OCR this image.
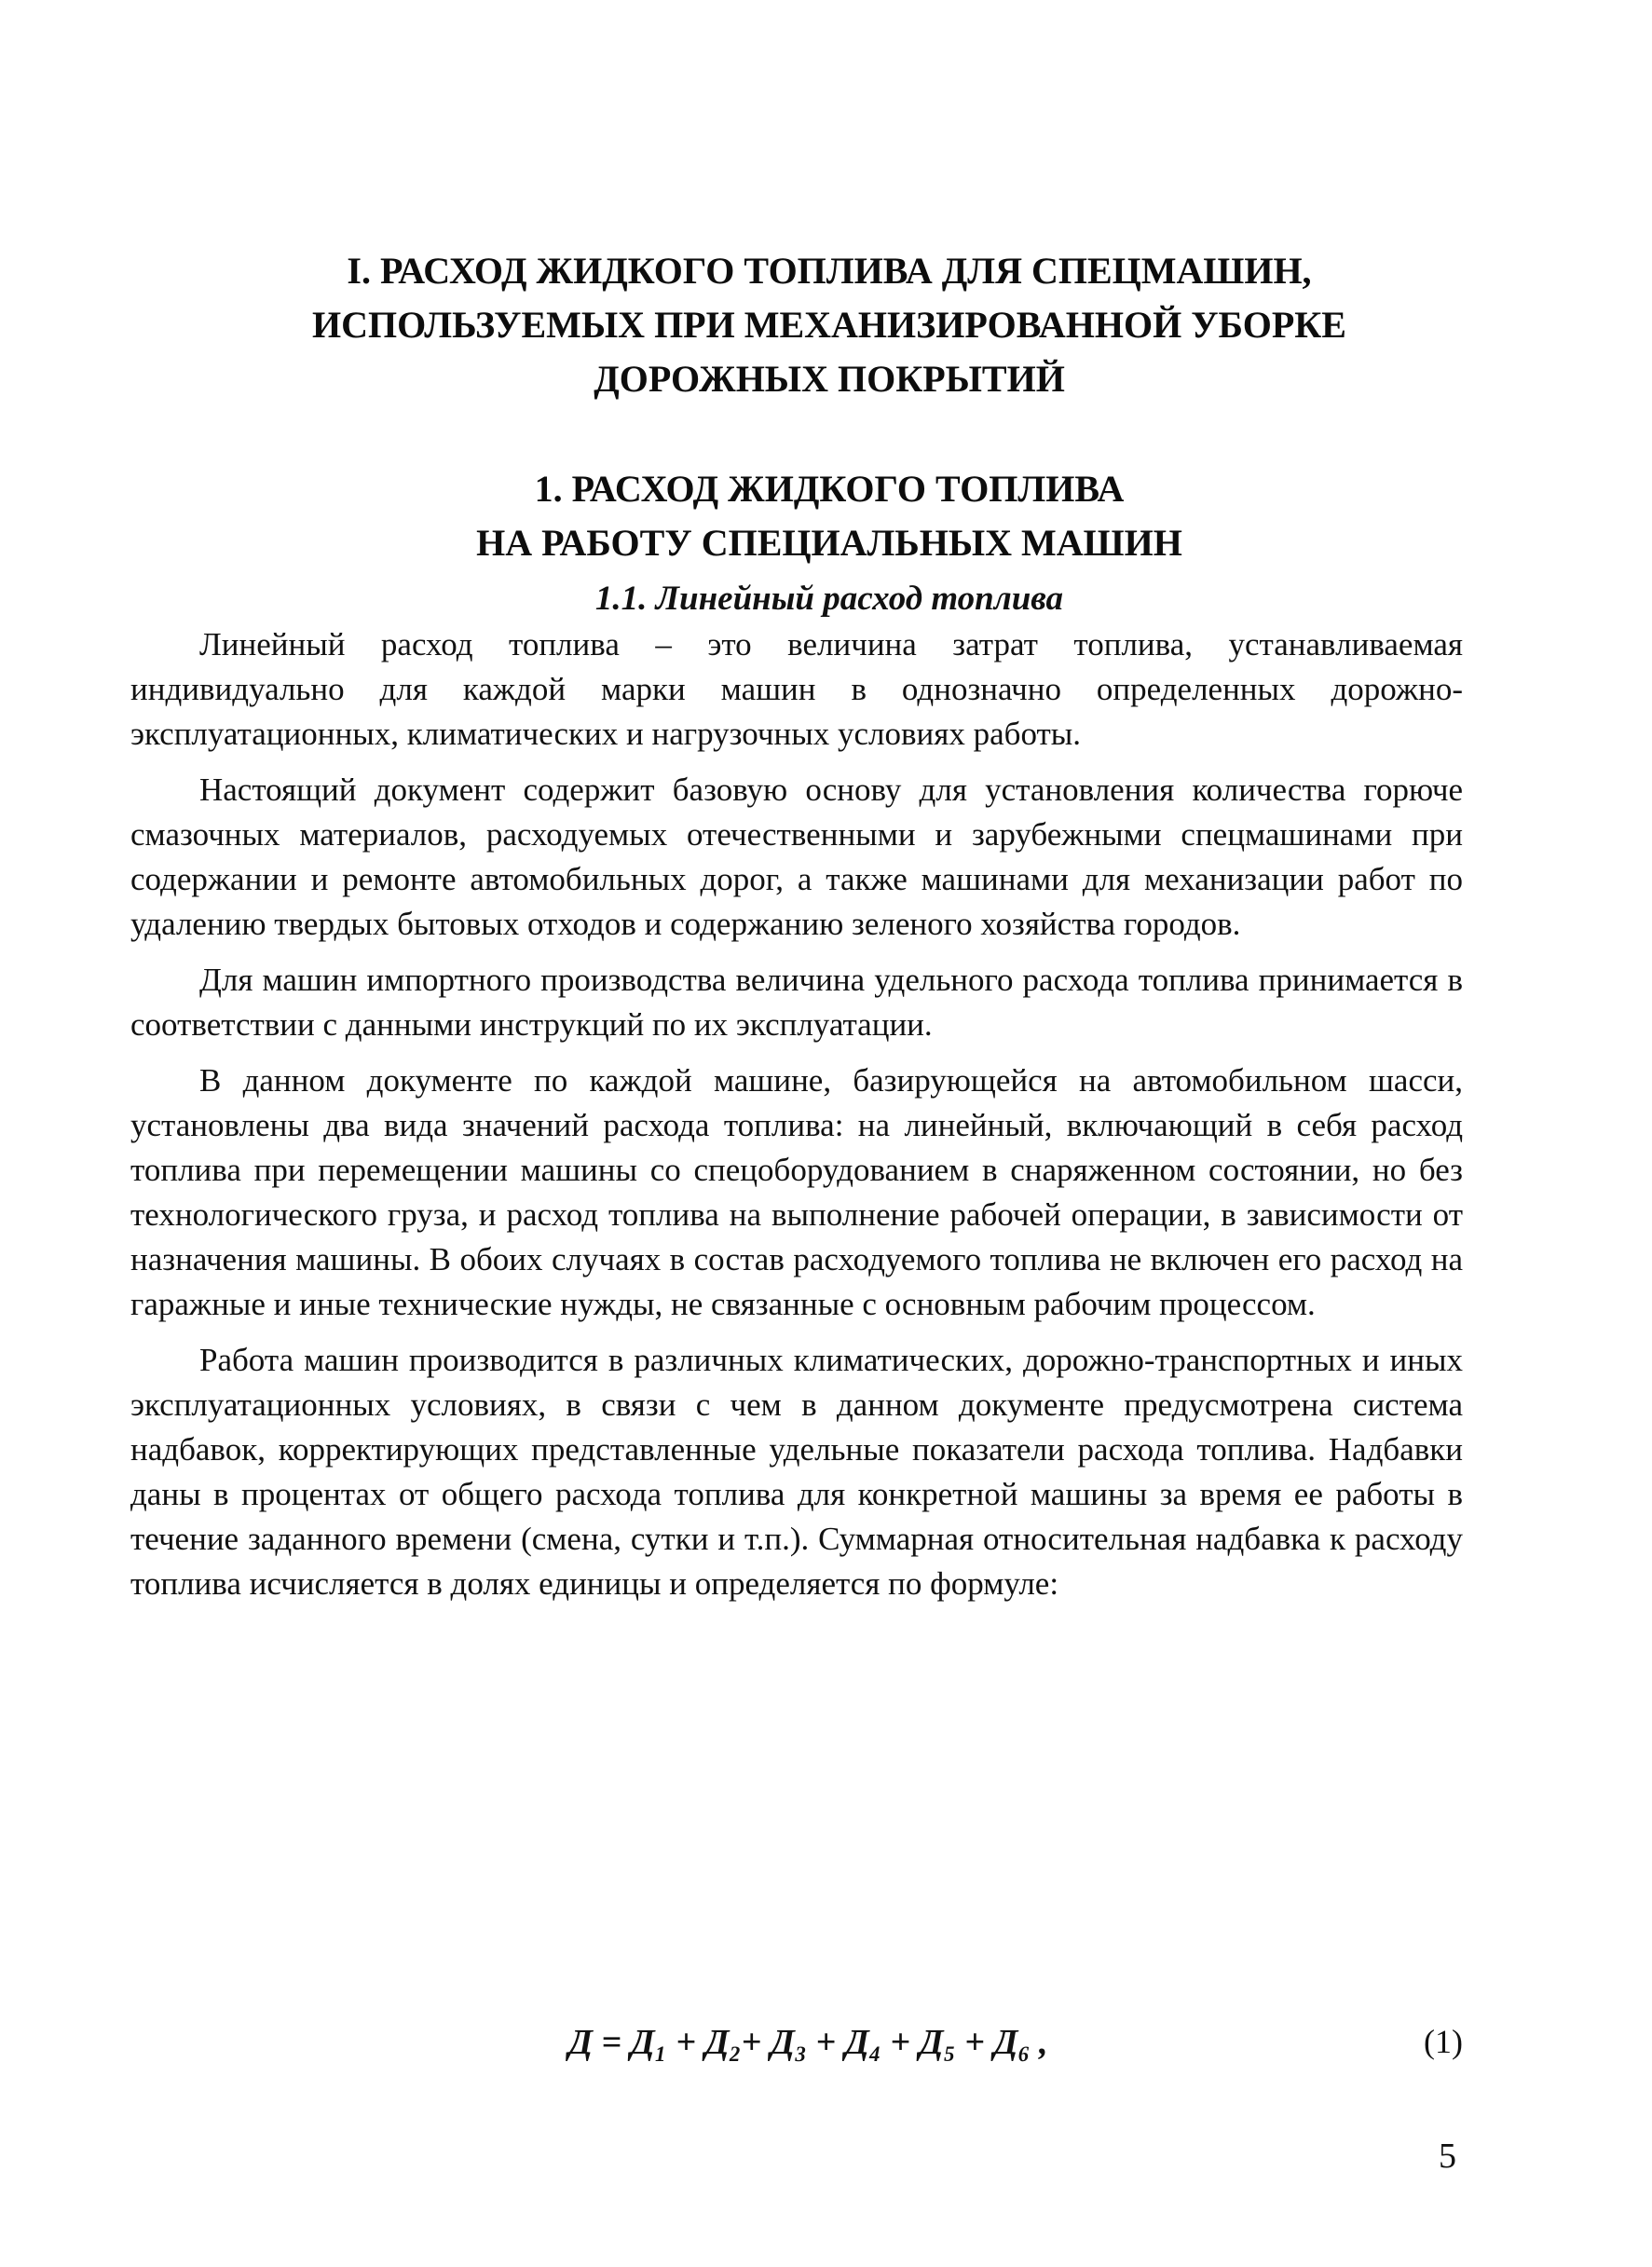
I. РАСХОД ЖИДКОГО ТОПЛИВА ДЛЯ СПЕЦМАШИН,
ИСПОЛЬЗУЕМЫХ ПРИ МЕХАНИЗИРОВАННОЙ УБОРКЕ
ДОРОЖНЫХ ПОКРЫТИЙ
1. РАСХОД ЖИДКОГО ТОПЛИВА
НА РАБОТУ СПЕЦИАЛЬНЫХ МАШИН
1.1. Линейный расход топлива

Линейный расход топлива – это величина затрат топлива, устанавливаемая индивидуально для каждой марки машин в однозначно определенных дорожно-эксплуатационных, климатических и нагрузочных условиях работы.

Настоящий документ содержит базовую основу для установления количества горюче смазочных материалов, расходуемых отечественными и зарубежными спецмашинами при содержании и ремонте автомобильных дорог, а также машинами для механизации работ по удалению твердых бытовых отходов и содержанию зеленого хозяйства городов.

Для машин импортного производства величина удельного расхода топлива принимается в соответствии с данными инструкций по их эксплуатации.

В данном документе по каждой машине, базирующейся на автомобильном шасси, установлены два вида значений расхода топлива: на линейный, включающий в себя расход топлива при перемещении машины со спецоборудованием в снаряженном состоянии, но без технологического груза, и расход топлива на выполнение рабочей операции, в зависимости от назначения машины. В обоих случаях в состав расходуемого топлива не включен его расход на гаражные и иные технические нужды, не связанные с основным рабочим процессом.

Работа машин производится в различных климатических, дорожно-транспортных и иных эксплуатационных условиях, в связи с чем в данном документе предусмотрена система надбавок, корректирующих представленные удельные показатели расхода топлива. Надбавки даны в процентах от общего расхода топлива для конкретной машины за время ее работы в течение заданного времени (смена, сутки и т.п.). Суммарная относительная надбавка к расходу топлива исчисляется в долях единицы и определяется по формуле:

Д = Д₁ + Д₂+ Д₃ + Д₄ + Д₅ + Д₆ ,	(1)
5
